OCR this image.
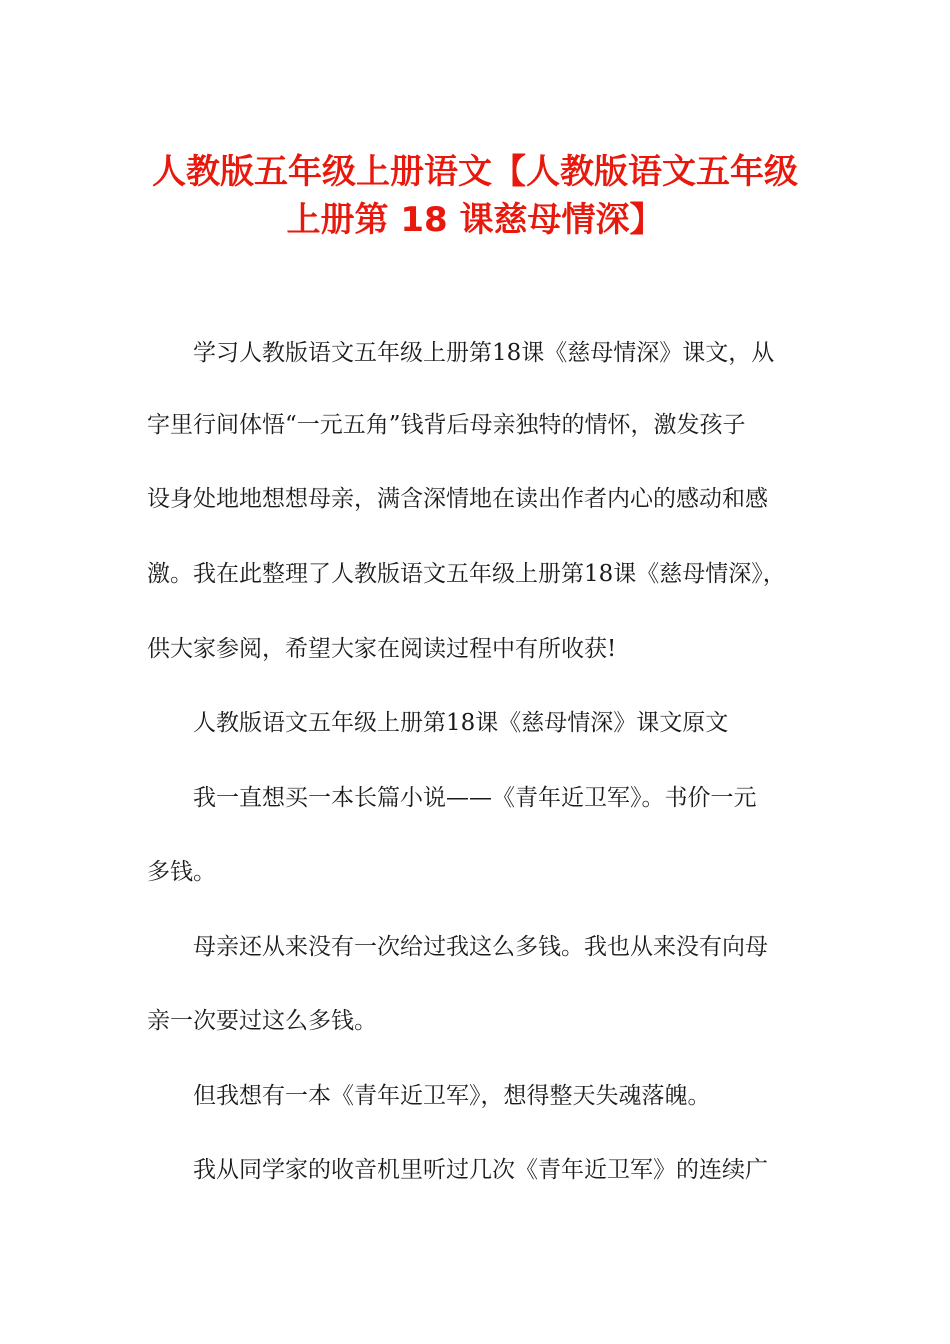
人教版五年级上册语文【人教版语文五年级
上册第 18 课慈母情深】

学习人教版语文五年级上册第18课《慈母情深》课文，从

字里行间体悟“一元五角”钱背后母亲独特的情怀，激发孩子

设身处地地想想母亲，满含深情地在读出作者内心的感动和感

激。我在此整理了人教版语文五年级上册第18课《慈母情深》，

供大家参阅，希望大家在阅读过程中有所收获!

人教版语文五年级上册第18课《慈母情深》课文原文

我一直想买一本长篇小说——《青年近卫军》。书价一元

多钱。

母亲还从来没有一次给过我这么多钱。我也从来没有向母

亲一次要过这么多钱。

但我想有一本《青年近卫军》，想得整天失魂落魄。

我从同学家的收音机里听过几次《青年近卫军》的连续广
